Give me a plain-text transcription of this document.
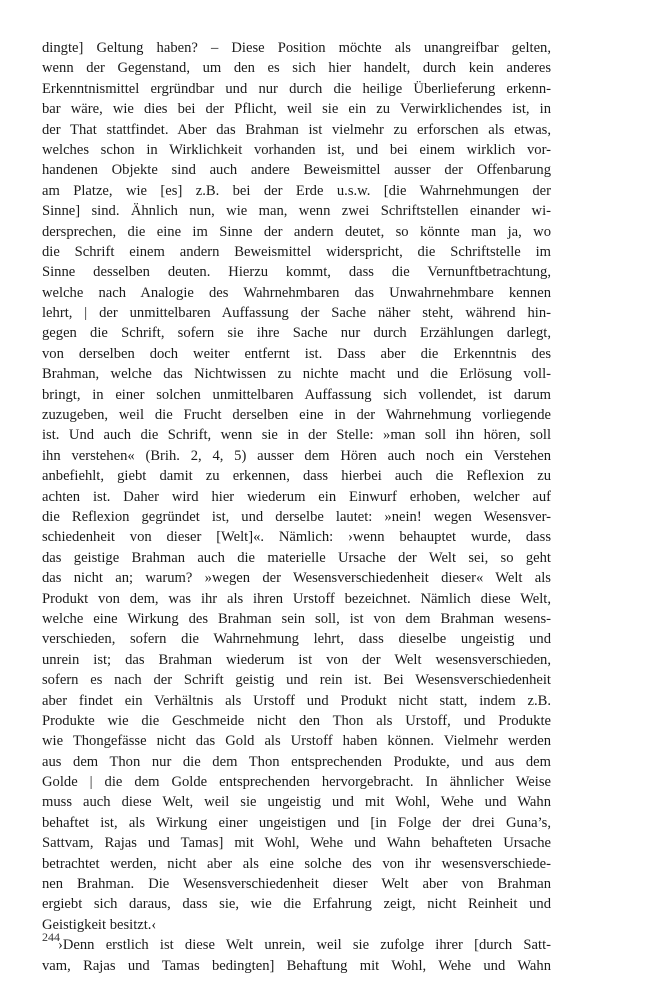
dingte] Geltung haben? – Diese Position möchte als unangreifbar gelten,
wenn der Gegenstand, um den es sich hier handelt, durch kein anderes
Erkenntnismittel ergründbar und nur durch die heilige Überlieferung erkenn-
bar wäre, wie dies bei der Pflicht, weil sie ein zu Verwirklichendes ist, in
der That stattfindet. Aber das Brahman ist vielmehr zu erforschen als etwas,
welches schon in Wirklichkeit vorhanden ist, und bei einem wirklich vor-
handenen Objekte sind auch andere Beweismittel ausser der Offenbarung
am Platze, wie [es] z.B. bei der Erde u.s.w. [die Wahrnehmungen der
Sinne] sind. Ähnlich nun, wie man, wenn zwei Schriftstellen einander wi-
dersprechen, die eine im Sinne der andern deutet, so könnte man ja, wo
die Schrift einem andern Beweismittel widerspricht, die Schriftstelle im
Sinne desselben deuten. Hierzu kommt, dass die Vernunftbetrachtung,
welche nach Analogie des Wahrnehmbaren das Unwahrnehmbare kennen
lehrt, | der unmittelbaren Auffassung der Sache näher steht, während hin-
gegen die Schrift, sofern sie ihre Sache nur durch Erzählungen darlegt,
von derselben doch weiter entfernt ist. Dass aber die Erkenntnis des
Brahman, welche das Nichtwissen zu nichte macht und die Erlösung voll-
bringt, in einer solchen unmittelbaren Auffassung sich vollendet, ist darum
zuzugeben, weil die Frucht derselben eine in der Wahrnehmung vorliegende
ist. Und auch die Schrift, wenn sie in der Stelle: »man soll ihn hören, soll
ihn verstehen« (Brih. 2, 4, 5) ausser dem Hören auch noch ein Verstehen
anbefiehlt, giebt damit zu erkennen, dass hierbei auch die Reflexion zu
achten ist. Daher wird hier wiederum ein Einwurf erhoben, welcher auf
die Reflexion gegründet ist, und derselbe lautet: »nein! wegen Wesensver-
schiedenheit von dieser [Welt]«. Nämlich: ›wenn behauptet wurde, dass
das geistige Brahman auch die materielle Ursache der Welt sei, so geht
das nicht an; warum? »wegen der Wesensverschiedenheit dieser« Welt als
Produkt von dem, was ihr als ihren Urstoff bezeichnet. Nämlich diese Welt,
welche eine Wirkung des Brahman sein soll, ist von dem Brahman wesens-
verschieden, sofern die Wahrnehmung lehrt, dass dieselbe ungeistig und
unrein ist; das Brahman wiederum ist von der Welt wesensverschieden,
sofern es nach der Schrift geistig und rein ist. Bei Wesensverschiedenheit
aber findet ein Verhältnis als Urstoff und Produkt nicht statt, indem z.B.
Produkte wie die Geschmeide nicht den Thon als Urstoff, und Produkte
wie Thongefässe nicht das Gold als Urstoff haben können. Vielmehr werden
aus dem Thon nur die dem Thon entsprechenden Produkte, und aus dem
Golde | die dem Golde entsprechenden hervorgebracht. In ähnlicher Weise
muss auch diese Welt, weil sie ungeistig und mit Wohl, Wehe und Wahn
behaftet ist, als Wirkung einer ungeistigen und [in Folge der drei Guna’s,
Sattvam, Rajas und Tamas] mit Wohl, Wehe und Wahn behafteten Ursache
betrachtet werden, nicht aber als eine solche des von ihr wesensverschiede-
nen Brahman. Die Wesensverschiedenheit dieser Welt aber von Brahman
ergiebt sich daraus, dass sie, wie die Erfahrung zeigt, nicht Reinheit und
Geistigkeit besitzt.‹
›Denn erstlich ist diese Welt unrein, weil sie zufolge ihrer [durch Satt-
vam, Rajas und Tamas bedingten] Behaftung mit Wohl, Wehe und Wahn
244
